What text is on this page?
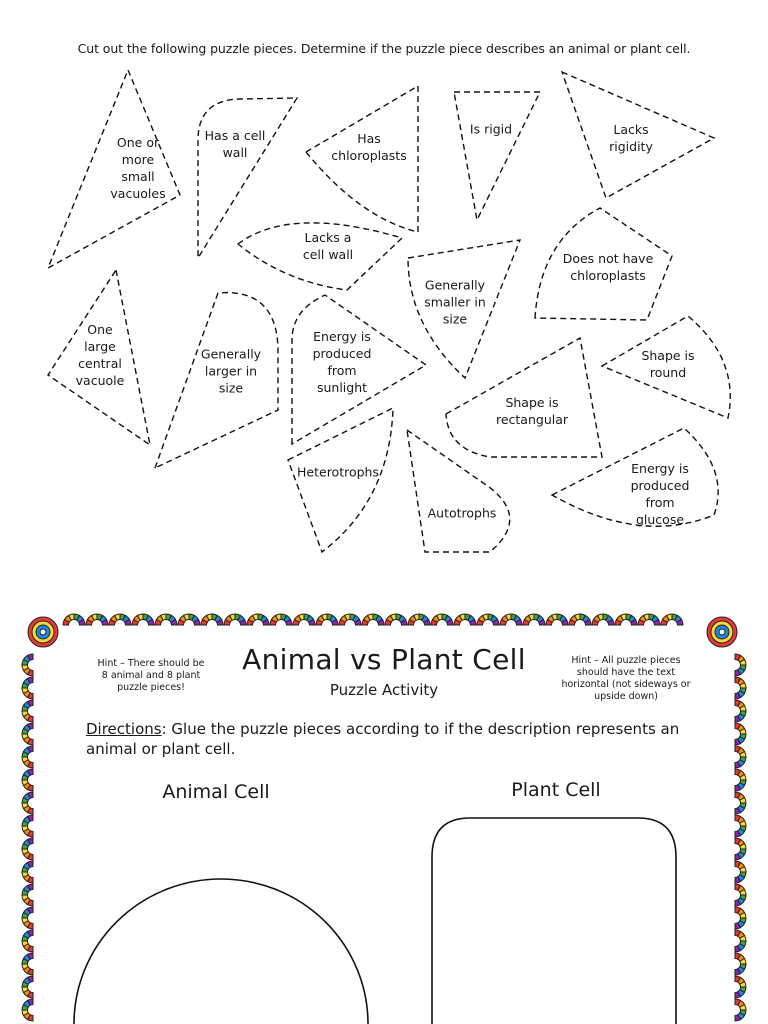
Cut out the following puzzle pieces. Determine if the puzzle piece describes an animal or plant cell.
One or
more
small
vacuoles
Has a cell
wall
Has
chloroplasts
Is rigid	Lacks
rigidity
Lacks a
cell wall
Generally
smaller in
size
Does not have
chloroplasts
One
large
central
vacuole
Generally
larger in
size
Energy is
produced
from
sunlight
Shape is
round
Shape is
rectangular
Heterotrophs
Autotrophs
Energy is
produced
from
glucose
Animal vs Plant Cell
Puzzle Activity
Hint – There should be
8 animal and 8 plant
puzzle pieces!
Hint – All puzzle pieces
should have the text
horizontal (not sideways or
upside down)
Directions: Glue the puzzle pieces according to if the description represents an animal or plant cell.
Animal Cell	Plant Cell
